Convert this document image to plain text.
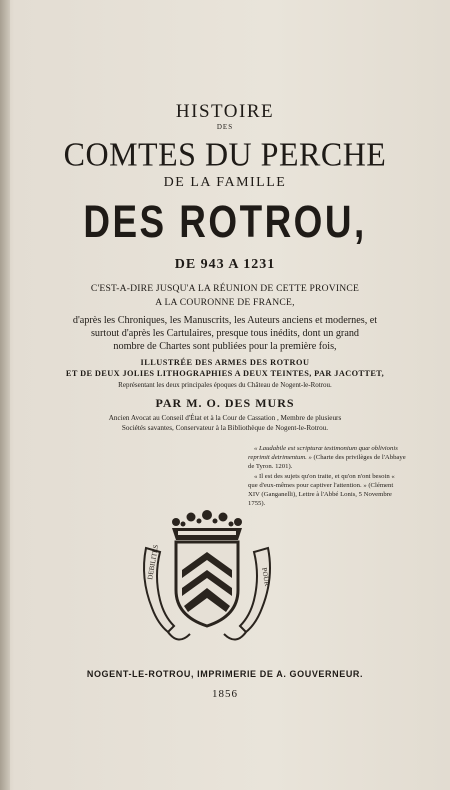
HISTOIRE
DES
COMTES DU PERCHE
DE LA FAMILLE
DES ROTROU,
DE 943 A 1231
C'EST-A-DIRE JUSQU'A LA RÉUNION DE CETTE PROVINCE
A LA COURONNE DE FRANCE,
d'après les Chroniques, les Manuscrits, les Auteurs anciens et modernes, et
surtout d'après les Cartulaires, presque tous inédits, dont un grand
nombre de Chartes sont publiées pour la première fois,
ILLUSTRÉE DES ARMES DES ROTROU
ET DE DEUX JOLIES LITHOGRAPHIES A DEUX TEINTES, PAR JACOTTET,
Représentant les deux principales époques du Château de Nogent-le-Rotrou.
PAR M. O. DES MURS
Ancien Avocat au Conseil d'État et à la Cour de Cassation , Membre de plusieurs
Sociétés savantes, Conservateur à la Bibliothèque de Nogent-le-Rotrou.

« Laudabile est scripturæ testimonium quæ oblivionis reprimit detrimentum. » (Charte des privilèges de l'Abbaye de Tyron. 1201).

« Il est des sujets qu'on traite, et qu'on n'ont besoin « que d'eux-mêmes pour captiver l'attention. » (Clément XIV (Ganganelli), Lettre à l'Abbé Lonis, 5 Novembre 1755).

DEBILITES	POUR
NOGENT-LE-ROTROU, IMPRIMERIE DE A. GOUVERNEUR.
1856
